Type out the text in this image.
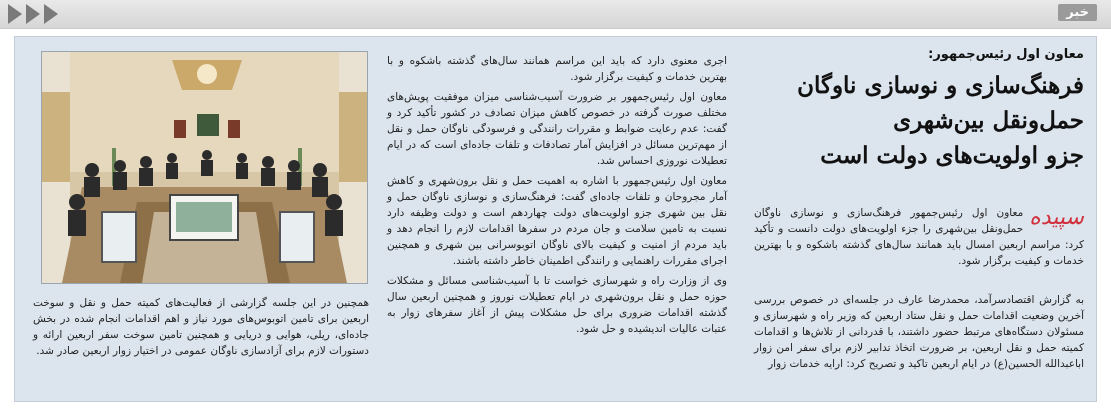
خبر

معاون اول رئیس‌جمهور:

فرهنگ‌سازی و نوسازی ناوگان
حمل‌ونقل بین‌شهری
جزو اولویت‌های دولت است

سپیده
معاون اول رئیس‌جمهور فرهنگ‌سازی و نوسازی ناوگان حمل‌ونقل بین‌شهری را جزء اولویت‌های دولت دانست و تأکید کرد: مراسم اربعین امسال باید همانند سال‌های گذشته باشکوه و با بهترین خدمات و کیفیت برگزار شود.

به گزارش اقتصادسرآمد، محمدرضا عارف در جلسه‌ای در خصوص بررسی آخرین وضعیت اقدامات حمل و نقل ستاد اربعین که وزیر راه و شهرسازی و مسئولان دستگاه‌های مرتبط حضور داشتند، با قدردانی از تلاش‌ها و اقدامات کمیته حمل و نقل اربعین، بر ضرورت اتخاذ تدابیر لازم برای سفر امن زوار اباعبدالله الحسین(ع) در ایام اربعین تاکید و تصریح کرد: ارایه خدمات زوار

اجری معنوی دارد که باید این مراسم همانند سال‌های گذشته باشکوه و با بهترین خدمات و کیفیت برگزار شود.

معاون اول رئیس‌جمهور بر ضرورت آسیب‌شناسی میزان موفقیت پویش‌های مختلف صورت گرفته در خصوص کاهش میزان تصادف در کشور تأکید کرد و گفت: عدم رعایت ضوابط و مقررات رانندگی و فرسودگی ناوگان حمل و نقل از مهم‌ترین مسائل در افزایش آمار تصادفات و تلفات جاده‌ای است که در ایام تعطیلات نوروزی احساس شد.

معاون اول رئیس‌جمهور با اشاره به اهمیت حمل و نقل برون‌شهری و کاهش آمار مجروحان و تلفات جاده‌ای گفت: فرهنگ‌سازی و نوسازی ناوگان حمل و نقل بین شهری جزو اولویت‌های دولت چهاردهم است و دولت وظیفه دارد نسبت به تامین سلامت و جان مردم در سفرها اقدامات لازم را انجام دهد و باید مردم از امنیت و کیفیت بالای ناوگان اتوبوسرانی بین شهری و همچنین اجرای مقررات راهنمایی و رانندگی اطمینان خاطر داشته باشند.

وی از وزارت راه و شهرسازی خواست تا با آسیب‌شناسی مسائل و مشکلات حوزه حمل و نقل برون‌شهری در ایام تعطیلات نوروز و همچنین اربعین سال گذشته اقدامات ضروری برای حل مشکلات پیش از آغاز سفرهای زوار به عتبات عالیات اندیشیده و حل شود.

همچنین در این جلسه گزارشی از فعالیت‌های کمیته حمل و نقل و سوخت اربعین برای تامین اتوبوس‌های مورد نیاز و اهم اقدامات انجام شده در بخش جاده‌ای، ریلی، هوایی و دریایی و همچنین تامین سوخت سفر اربعین ارائه و دستورات لازم برای آزادسازی ناوگان عمومی در اختیار زوار اربعین صادر شد.
